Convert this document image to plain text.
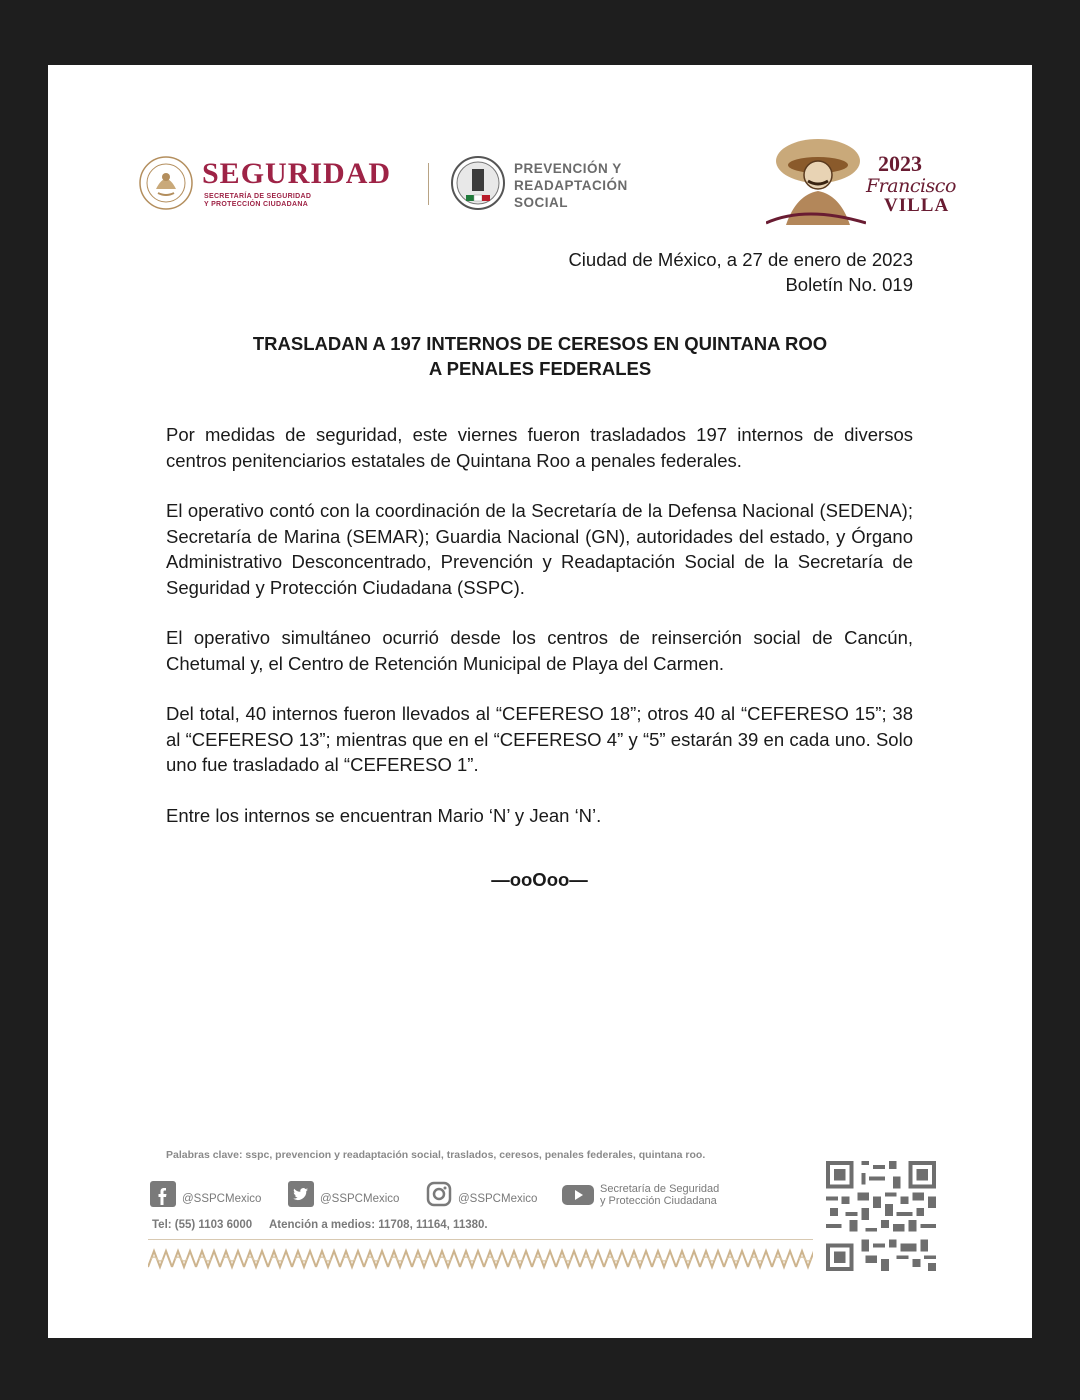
SEGURIDAD
SECRETARÍA DE SEGURIDAD
Y PROTECCIÓN CIUDADANA
PREVENCIÓN Y
READAPTACIÓN
SOCIAL
2023
Francisco
VILLA
Ciudad de México, a 27 de enero de 2023
Boletín No. 019
TRASLADAN A 197 INTERNOS DE CERESOS EN QUINTANA ROO
A PENALES FEDERALES

Por medidas de seguridad, este viernes fueron trasladados 197 internos de diversos centros penitenciarios estatales de Quintana Roo a penales federales.

El operativo contó con la coordinación de la Secretaría de la Defensa Nacional (SEDENA); Secretaría de Marina (SEMAR); Guardia Nacional (GN), autoridades del estado, y Órgano Administrativo Desconcentrado, Prevención y Readaptación Social de la Secretaría de Seguridad y Protección Ciudadana (SSPC).

El operativo simultáneo ocurrió desde los centros de reinserción social de Cancún, Chetumal y, el Centro de Retención Municipal de Playa del Carmen.

Del total, 40 internos fueron llevados al “CEFERESO 18”; otros 40 al “CEFERESO 15”; 38 al “CEFERESO 13”; mientras que en el “CEFERESO 4” y “5” estarán 39 en cada uno. Solo uno fue trasladado al “CEFERESO 1”.

Entre los internos se encuentran Mario ‘N’ y Jean ‘N’.

—ooOoo—
Palabras clave: sspc, prevencion y readaptación social, traslados, ceresos, penales federales, quintana roo.
@SSPCMexico	@SSPCMexico	@SSPCMexico
Secretaría de Seguridad
y Protección Ciudadana
Tel: (55) 1103 6000 Atención a medios: 11708, 11164, 11380.
